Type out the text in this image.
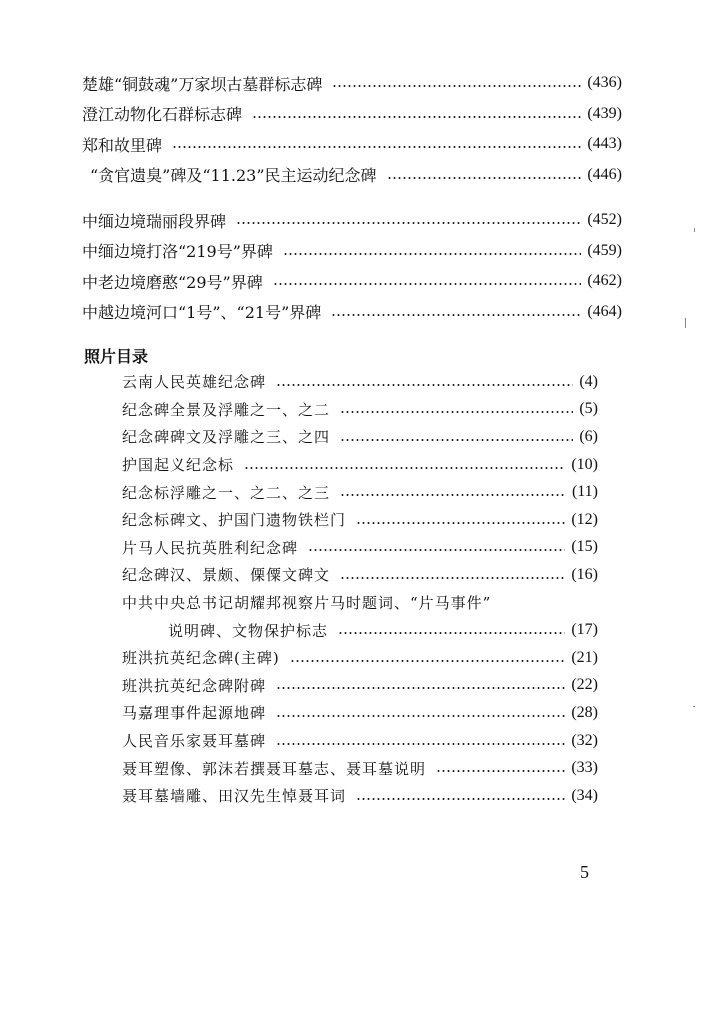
楚雄“铜鼓魂”万家坝古墓群标志碑	(436)
澄江动物化石群标志碑	(439)
郑和故里碑	(443)
“贪官遗臭”碑及“11.23”民主运动纪念碑	(446)
中缅边境瑞丽段界碑	(452)
中缅边境打洛“219号”界碑	(459)
中老边境磨憨“29号”界碑	(462)
中越边境河口“1号”、“21号”界碑	(464)
照片目录
云南人民英雄纪念碑	(4)
纪念碑全景及浮雕之一、之二	(5)
纪念碑碑文及浮雕之三、之四	(6)
护国起义纪念标	(10)
纪念标浮雕之一、之二、之三	(11)
纪念标碑文、护国门遗物铁栏门	(12)
片马人民抗英胜利纪念碑	(15)
纪念碑汉、景颇、傈僳文碑文	(16)
中共中央总书记胡耀邦视察片马时题词、“片马事件”
说明碑、文物保护标志	(17)
班洪抗英纪念碑(主碑)	(21)
班洪抗英纪念碑附碑	(22)
马嘉理事件起源地碑	(28)
人民音乐家聂耳墓碑	(32)
聂耳塑像、郭沫若撰聂耳墓志、聂耳墓说明	(33)
聂耳墓墙雕、田汉先生悼聂耳词	(34)
5
